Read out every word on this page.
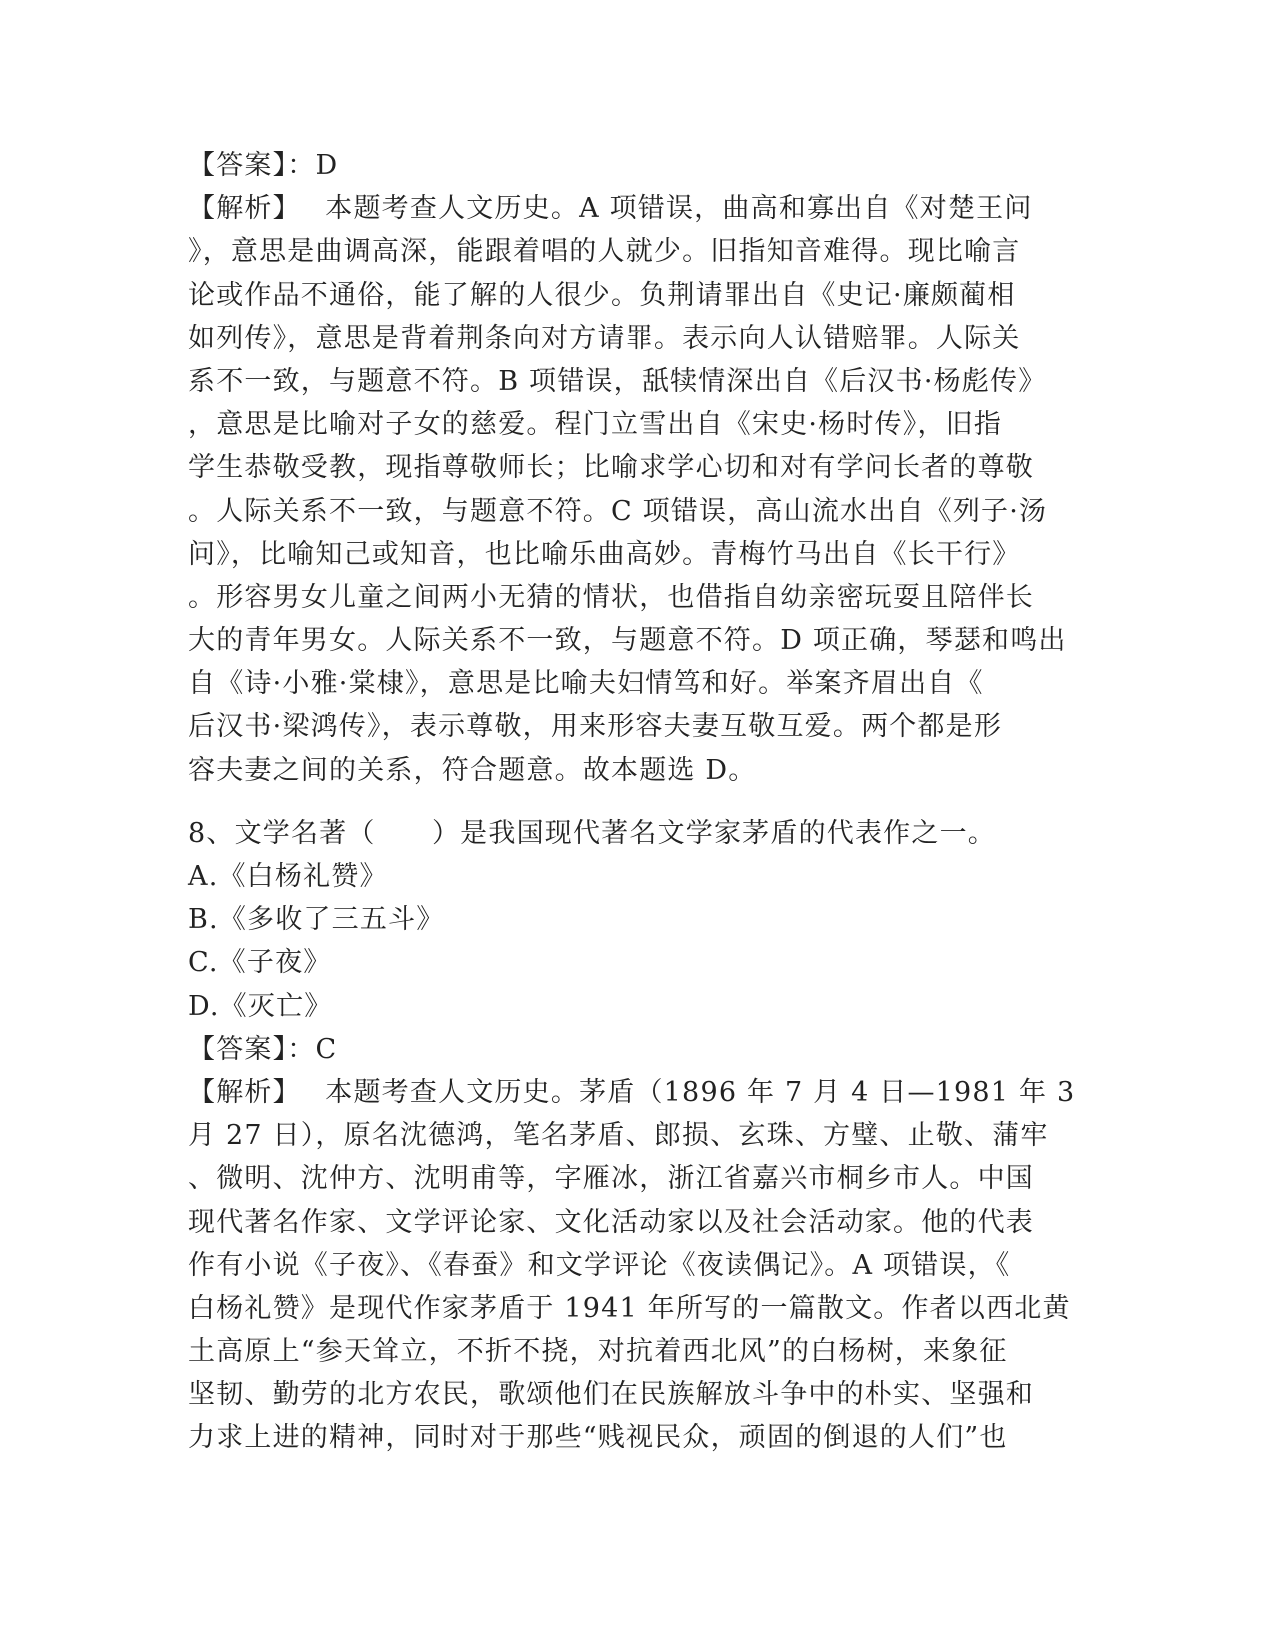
【答案】：D
【解析】　 本题考查人文历史。A 项错误，曲高和寡出自《对楚王问
》，意思是曲调高深，能跟着唱的人就少。旧指知音难得。现比喻言
论或作品不通俗，能了解的人很少。负荆请罪出自《史记·廉颇蔺相
如列传》，意思是背着荆条向对方请罪。表示向人认错赔罪。人际关
系不一致，与题意不符。B 项错误，舐犊情深出自《后汉书·杨彪传》
，意思是比喻对子女的慈爱。程门立雪出自《宋史·杨时传》，旧指
学生恭敬受教，现指尊敬师长；比喻求学心切和对有学问长者的尊敬
。人际关系不一致，与题意不符。C 项错误，高山流水出自《列子·汤
问》，比喻知己或知音，也比喻乐曲高妙。青梅竹马出自《长干行》
。形容男女儿童之间两小无猜的情状，也借指自幼亲密玩耍且陪伴长
大的青年男女。人际关系不一致，与题意不符。D 项正确，琴瑟和鸣出
自《诗·小雅·棠棣》，意思是比喻夫妇情笃和好。举案齐眉出自《
后汉书·梁鸿传》，表示尊敬，用来形容夫妻互敬互爱。两个都是形
容夫妻之间的关系，符合题意。故本题选 D。
8、文学名著（　　）是我国现代著名文学家茅盾的代表作之一。
A.《白杨礼赞》
B.《多收了三五斗》
C.《子夜》
D.《灭亡》
【答案】：C
【解析】　 本题考查人文历史。茅盾（1896 年 7 月 4 日—1981 年 3
月 27 日），原名沈德鸿，笔名茅盾、郎损、玄珠、方璧、止敬、蒲牢
、微明、沈仲方、沈明甫等，字雁冰，浙江省嘉兴市桐乡市人。中国
现代著名作家、文学评论家、文化活动家以及社会活动家。他的代表
作有小说《子夜》、《春蚕》和文学评论《夜读偶记》。A 项错误，《
白杨礼赞》是现代作家茅盾于 1941 年所写的一篇散文。作者以西北黄
土高原上“参天耸立，不折不挠，对抗着西北风”的白杨树，来象征
坚韧、勤劳的北方农民，歌颂他们在民族解放斗争中的朴实、坚强和
力求上进的精神，同时对于那些“贱视民众，顽固的倒退的人们”也
